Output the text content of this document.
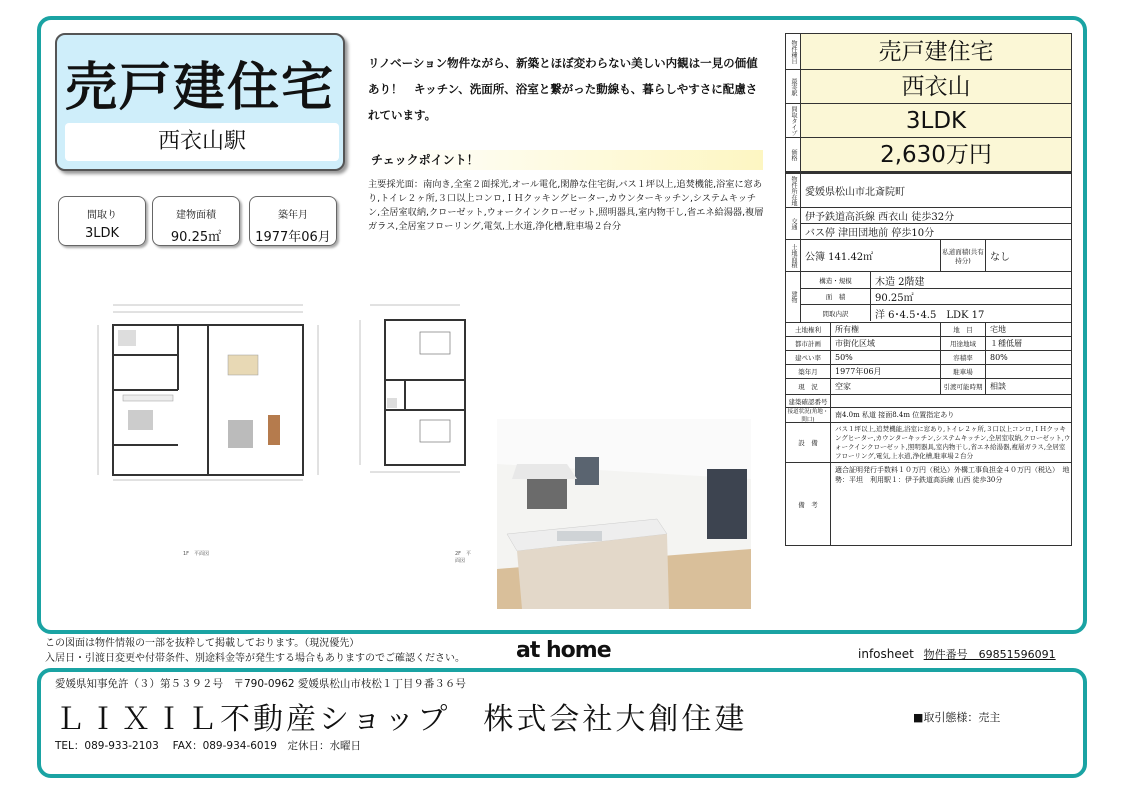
売戸建住宅
西衣山駅
間取り
3LDK
建物面積
90.25㎡
築年月
1977年06月
リノベーション物件ながら、新築とほぼ変わらない美しい内観は一見の価値あり！　キッチン、洗面所、浴室と繋がった動線も、暮らしやすさに配慮されています。
チェックポイント！
主要採光面：南向き,全室２面採光,オール電化,閑静な住宅街,バス１坪以上,追焚機能,浴室に窓あり,トイレ２ヶ所,３口以上コンロ,ＩＨクッキングヒーター,カウンターキッチン,システムキッチン,全居室収納,クローゼット,ウォークインクローゼット,照明器具,室内物干し,省エネ給湯器,複層ガラス,全居室フローリング,電気,上水道,浄化槽,駐車場２台分
1F　平面図	2F　平面図
物件種目	売戸建住宅
最寄駅	西衣山
間取タイプ	3LDK
価格	2,630万円
物件所在地 愛媛県松山市北斎院町
交通 伊予鉄道高浜線 西衣山 徒歩32分
バス停 津田団地前 停歩10分
土地面積 公簿 141.42㎡
私道面積(共有持分)	なし
建物
構造・規模	木造 2階建
面　積	90.25㎡
間取内訳	洋 6･4.5･4.5　LDK 17
土地権利	所有権	地　目	宅地
都市計画	市街化区域	用途地域	１種低層
建ぺい率	50%	容積率	80%
築年月	1977年06月	駐車場
現　況	空家	引渡可能時期 相談
建築確認番号
接道状況(角地・間口)
南4.0m 私道 接面8.4m 位置指定あり
設　備
バス１坪以上,追焚機能,浴室に窓あり,トイレ２ヶ所,３口以上コンロ,ＩＨクッキングヒーター,カウンターキッチン,システムキッチン,全居室収納,クローゼット,ウォークインクローゼット,照明器具,室内物干し,省エネ給湯器,複層ガラス,全居室フローリング,電気,上水道,浄化槽,駐車場２台分
備　考
適合証明発行手数料１０万円（税込）外構工事負担金４０万円（税込）　地勢：平坦　利用駅１：伊予鉄道高浜線 山西 徒歩30分
この図面は物件情報の一部を抜粋して掲載しております。（現況優先）
入居日・引渡日変更や付帯条件、別途料金等が発生する場合もありますのでご確認ください。 at home	infosheet 物件番号　69851596091
愛媛県知事免許（３）第５３９２号　〒790-0962 愛媛県松山市枝松１丁目９番３６号
ＬＩＸＩＬ不動産ショップ　株式会社大創住建
TEL：089-933-2103　 FAX：089-934-6019　定休日：水曜日
■取引態様：売主
